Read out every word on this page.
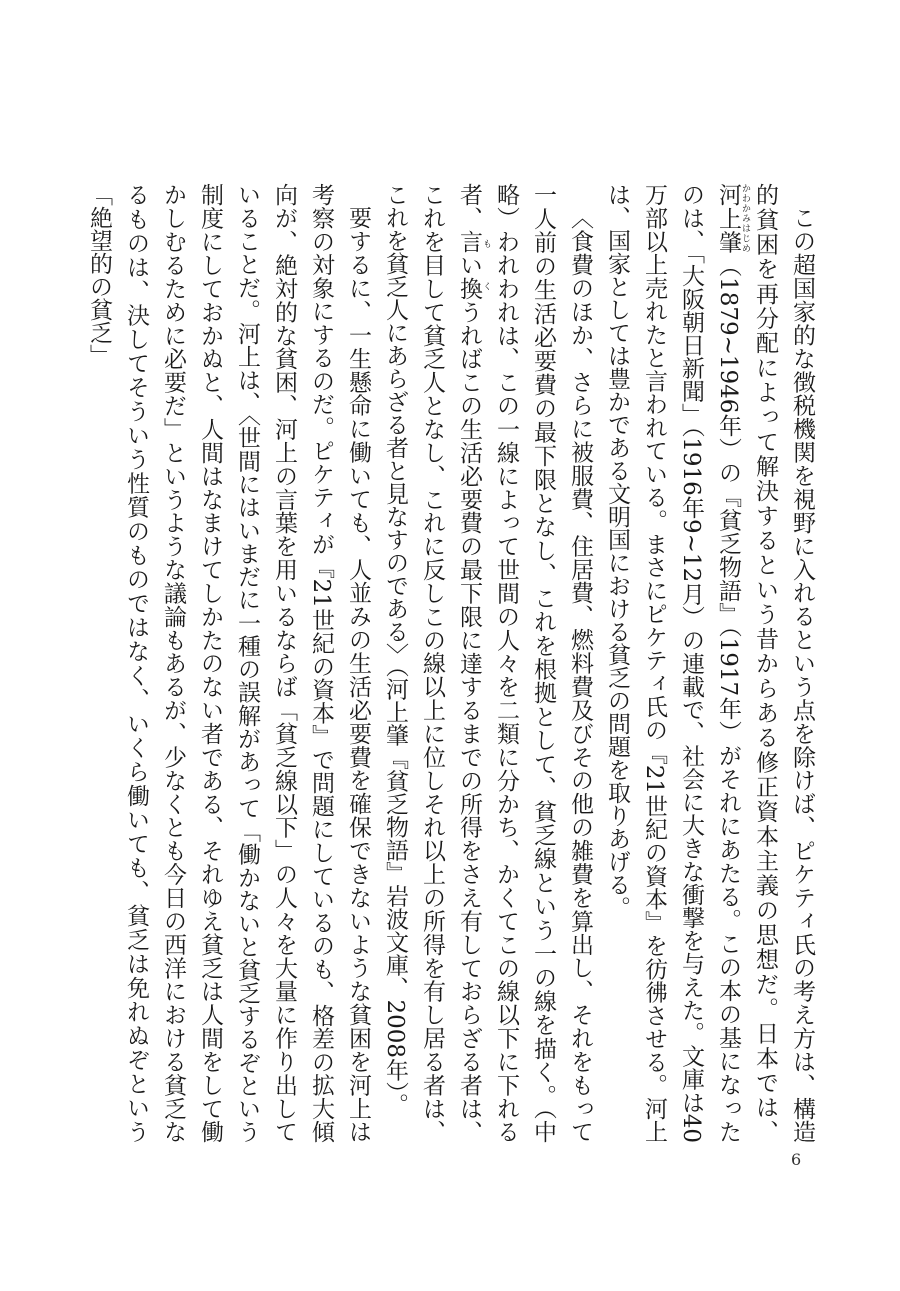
この超国家的な徴税機関を視野に入れるという点を除けば、ピケティ氏の考え方は、構造的貧困を再分配によって解決するという昔からある修正資本主義の思想だ。日本では、河上肇 かわかみはじめ（1879~1946年）の『貧乏物語』（1917年）がそれにあたる。この本の基になったのは、「大阪朝日新聞」（1916年9~12月）の連載で、社会に大きな衝撃を与えた。文庫は40万部以上売れたと言われている。まさにピケティ氏の『21世紀の資本』を彷彿させる。河上は、国家としては豊かである文明国における貧乏の問題を取りあげる。

〈食費のほか、さらに被服費、住居費、燃料費及びその他の雑費を算出し、それをもって一人前の生活必要費の最下限となし、これを根拠として、貧乏線という一の線を描く。（中略）われわれは、この一線によって世間の人々を二類に分かち、かくてこの線以下に下れる者、言い換 もくうればこの生活必要費の最下限に達するまでの所得をさえ有しておらざる者は、これを目して貧乏人となし、これに反しこの線以上に位しそれ以上の所得を有し居る者は、これを貧乏人にあらざる者と見なすのである〉（河上肇『貧乏物語』岩波文庫、2008年）。

要するに、一生懸命に働いても、人並みの生活必要費を確保できないような貧困を河上は考察の対象にするのだ。ピケティが『21世紀の資本』で問題にしているのも、格差の拡大傾向が、絶対的な貧困、河上の言葉を用いるならば「貧乏線以下」の人々を大量に作り出していることだ。河上は、〈世間にはいまだに一種の誤解があって「働かないと貧乏するぞという制度にしておかぬと、人間はなまけてしかたのない者である、それゆえ貧乏は人間をして働かしむるために必要だ」というような議論もあるが、少なくとも今日の西洋における貧乏なるものは、決してそういう性質のものではなく、いくら働いても、貧乏は免れぬぞという「絶望的の貧乏」

6
